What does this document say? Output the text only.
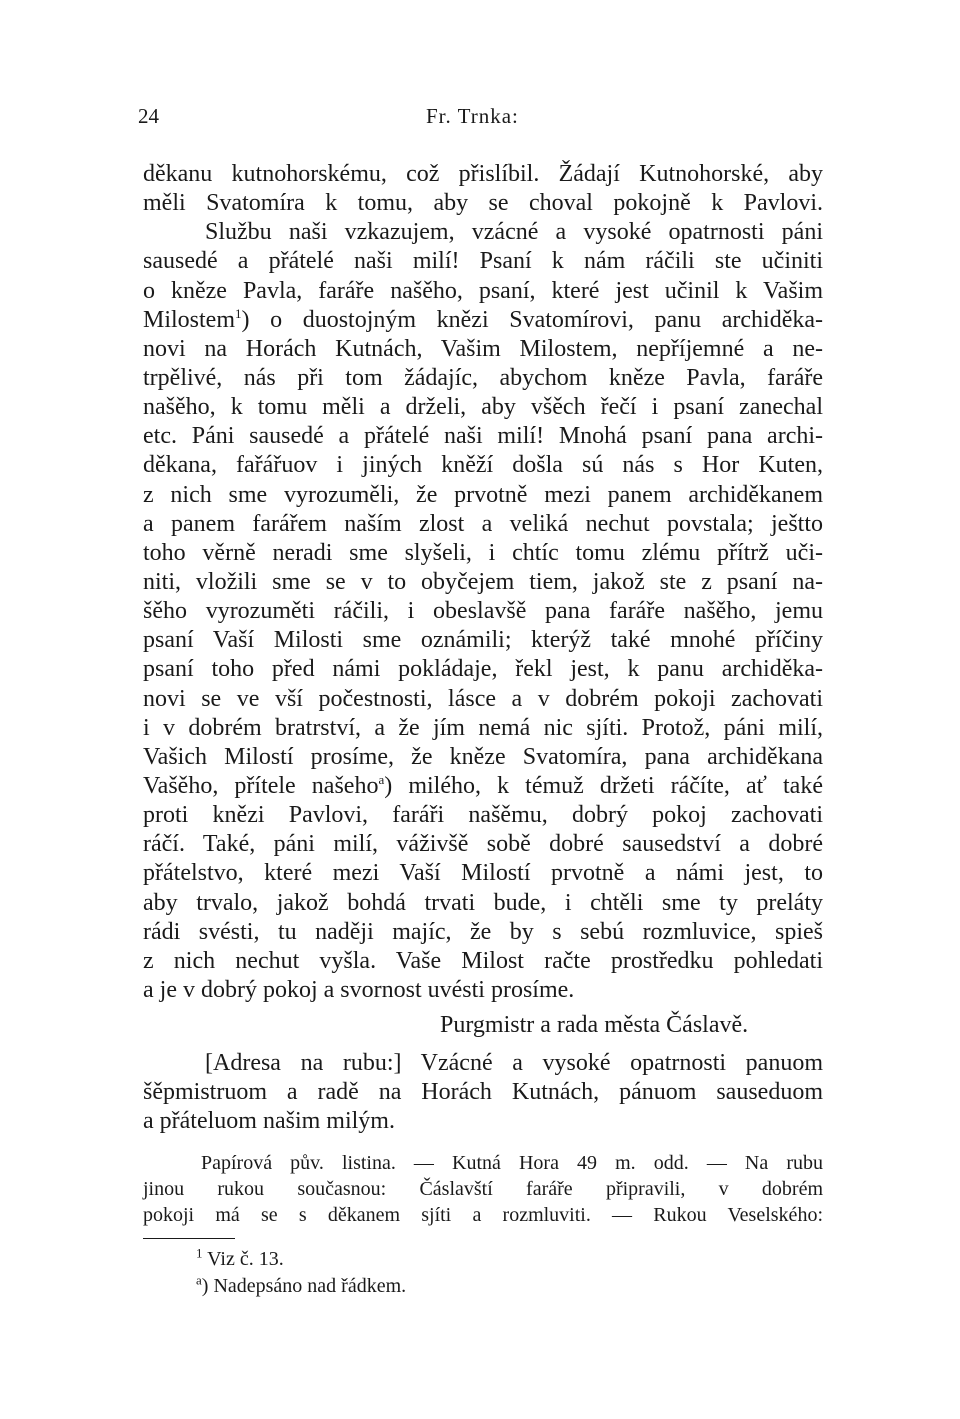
24	Fr. Trnka:
děkanu kutnohorskému, což přislíbil. Žádají Kutnohorské, aby
měli Svatomíra k tomu, aby se choval pokojně k Pavlovi.
Službu naši vzkazujem, vzácné a vysoké opatrnosti páni
sausedé a přátelé naši milí! Psaní k nám ráčili ste učiniti
o kněze Pavla, faráře našěho, psaní, které jest učinil k Vašim
Milostem$^1$) o duostojným knězi Svatomírovi, panu archiděka-
novi na Horách Kutnách, Vašim Milostem, nepříjemné a ne-
trpělivé, nás při tom žádajíc, abychom kněze Pavla, faráře
našěho, k tomu měli a drželi, aby všěch řečí i psaní zanechal
etc. Páni sausedé a přátelé naši milí! Mnohá psaní pana archi-
děkana, fařářuov i jiných kněží došla sú nás s Hor Kuten,
z nich sme vyrozuměli, že prvotně mezi panem archiděkanem
a panem farářem naším zlost a veliká nechut povstala; ještto
toho věrně neradi sme slyšeli, i chtíc tomu zlému přítrž uči-
niti, vložili sme se v to obyčejem tiem, jakož ste z psaní na-
šěho vyrozuměti ráčili, i obeslavšě pana faráře našěho, jemu
psaní Vaší Milosti sme oznámili; kterýž také mnohé příčiny
psaní toho před námi pokládaje, řekl jest, k panu archiděka-
novi se ve vší počestnosti, lásce a v dobrém pokoji zachovati
i v dobrém bratrství, a že jím nemá nic sjíti. Protož, páni milí,
Vašich Milostí prosíme, že kněze Svatomíra, pana archiděkana
Vašěho, přítele našeho$^a$) milého, k témuž držeti ráčíte, ať také
proti knězi Pavlovi, faráři našěmu, dobrý pokoj zachovati
ráčí. Také, páni milí, váživšě sobě dobré sausedství a dobré
přátelstvo, které mezi Vaší Milostí prvotně a námi jest, to
aby trvalo, jakož bohdá trvati bude, i chtěli sme ty preláty
rádi svésti, tu naději majíc, že by s sebú rozmluvice, spieš
z nich nechut vyšla. Vaše Milost račte prostředku pohledati
a je v dobrý pokoj a svornost uvésti prosíme.
Purgmistr a rada města Čáslavě.
[Adresa na rubu:] Vzácné a vysoké opatrnosti panuom
šěpmistruom a radě na Horách Kutnách, pánuom sauseduom
a přáteluom našim milým.
Papírová pův. listina. — Kutná Hora 49 m. odd. — Na rubu
jinou rukou současnou: Čáslavští faráře připravili, v dobrém
pokoji má se s děkanem sjíti a rozmluviti. — Rukou Veselského:
$^1$ Viz č. 13.
$^a$) Nadepsáno nad řádkem.
